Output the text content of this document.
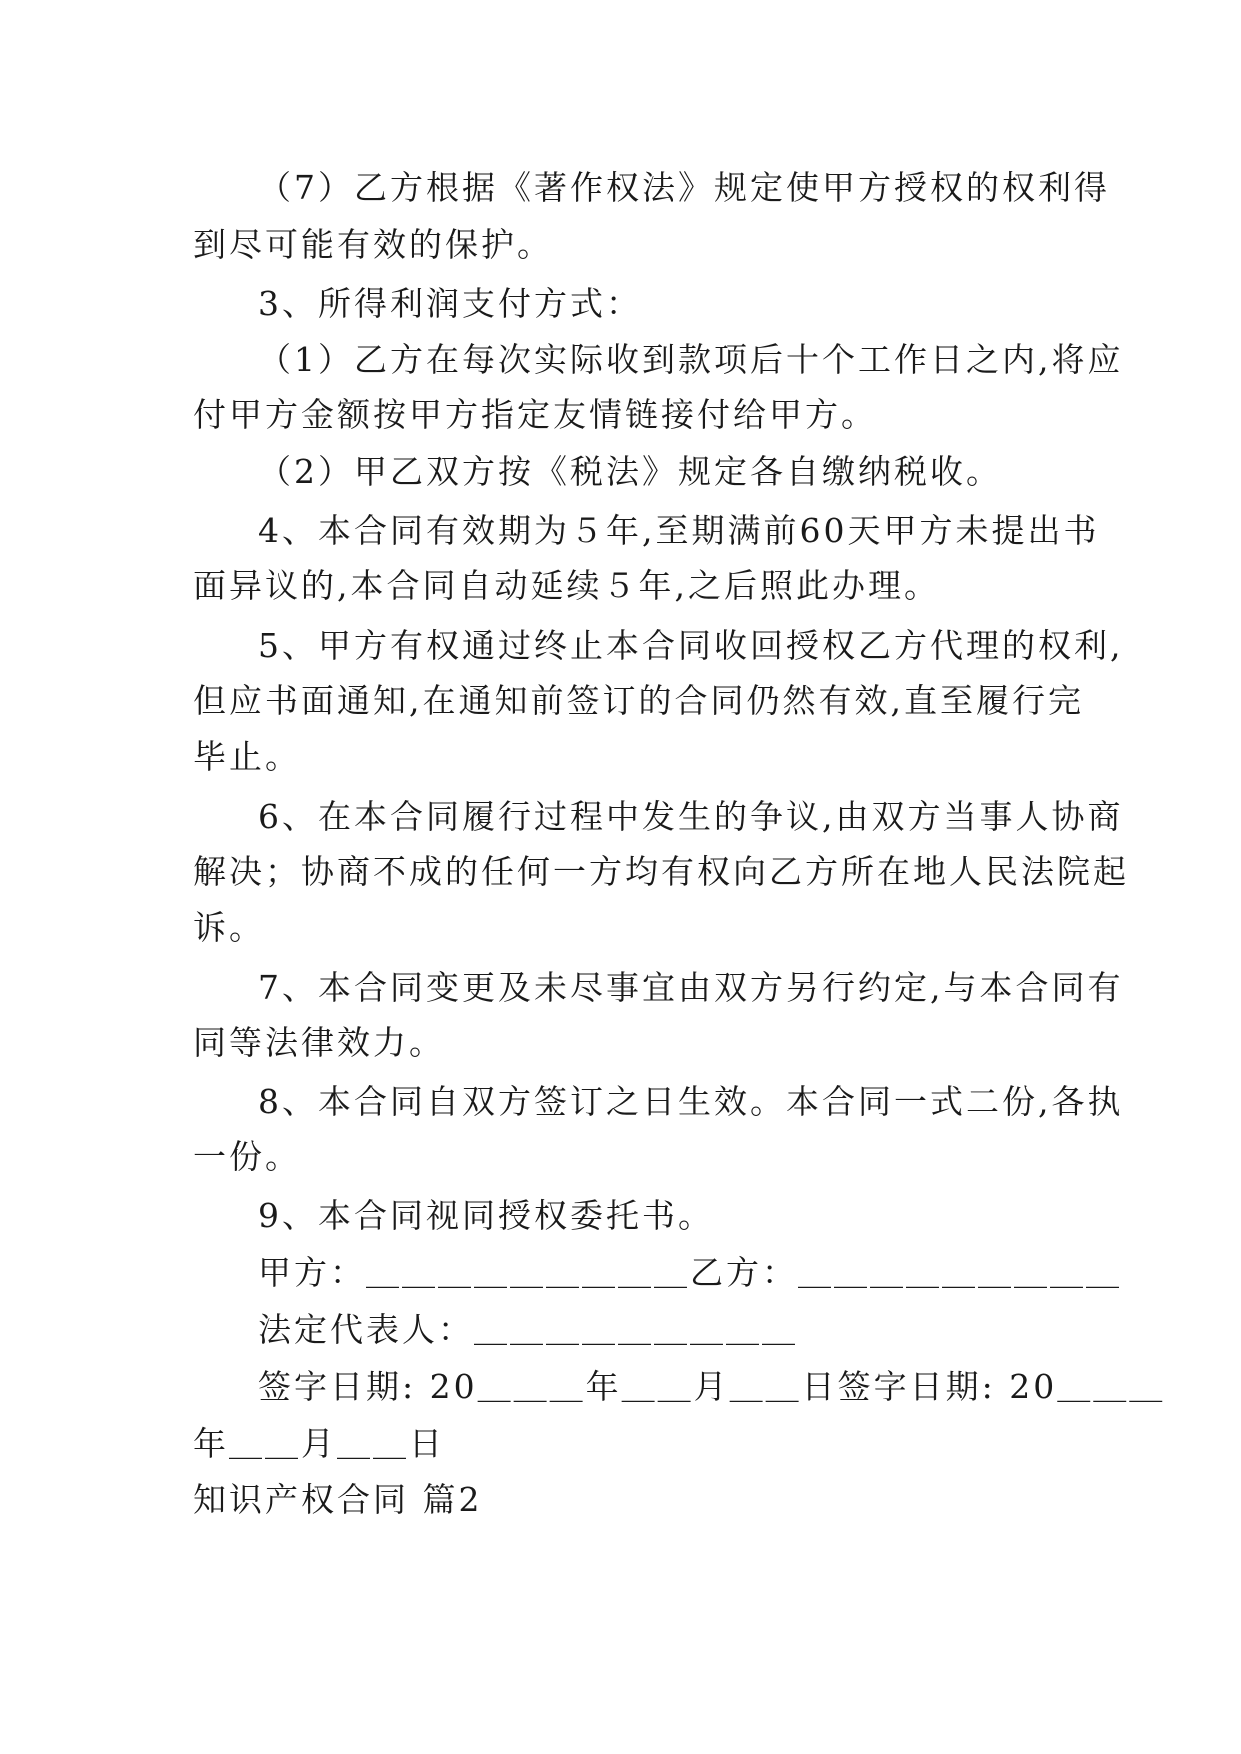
（7）乙方根据《著作权法》规定使甲方授权的权利得
到尽可能有效的保护。
3、所得利润支付方式：
（1）乙方在每次实际收到款项后十个工作日之内,将应
付甲方金额按甲方指定友情链接付给甲方。
（2）甲乙双方按《税法》规定各自缴纳税收。
4、本合同有效期为５年,至期满前60天甲方未提出书
面异议的,本合同自动延续５年,之后照此办理。
5、甲方有权通过终止本合同收回授权乙方代理的权利,
但应书面通知,在通知前签订的合同仍然有效,直至履行完
毕止。
6、在本合同履行过程中发生的争议,由双方当事人协商
解决；协商不成的任何一方均有权向乙方所在地人民法院起
诉。
7、本合同变更及未尽事宜由双方另行约定,与本合同有
同等法律效力。
8、本合同自双方签订之日生效。本合同一式二份,各执
一份。
9、本合同视同授权委托书。
甲方：＿＿＿＿＿＿＿＿＿乙方：＿＿＿＿＿＿＿＿＿
法定代表人：＿＿＿＿＿＿＿＿＿
签字日期: 20＿＿＿年＿＿月＿＿日签字日期: 20＿＿＿
年＿＿月＿＿日
知识产权合同 篇2
